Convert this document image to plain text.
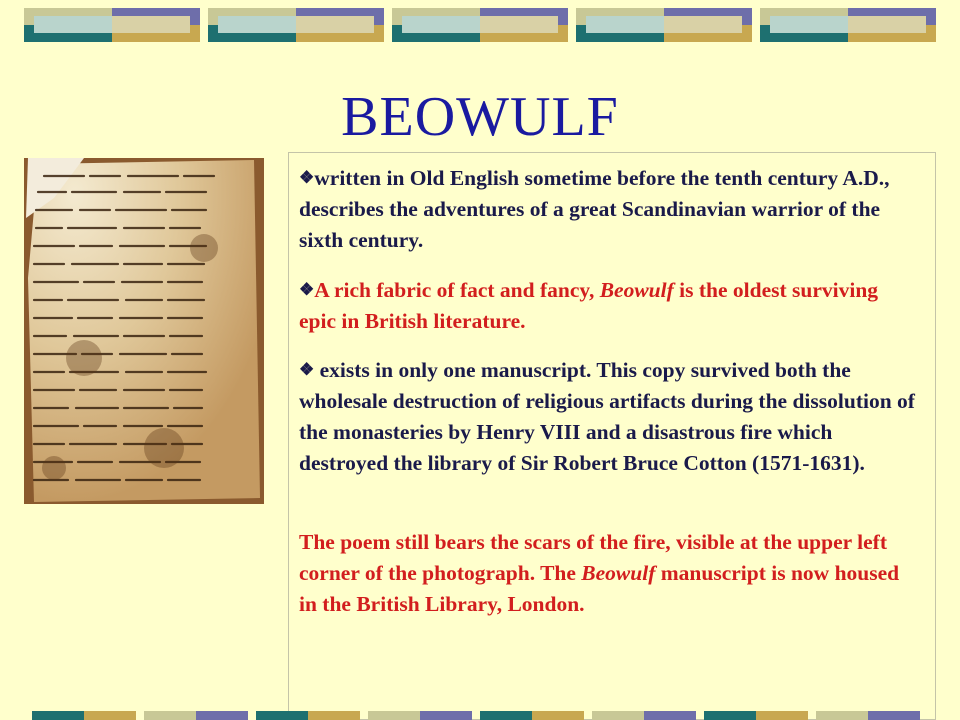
BEOWULF

❖written in Old English sometime before the tenth century A.D., describes the adventures of a great Scandinavian warrior of the sixth century.

❖A rich fabric of fact and fancy, Beowulf is the oldest surviving epic in British literature.

❖ exists in only one manuscript. This copy survived both the wholesale destruction of religious artifacts during the dissolution of the monasteries by Henry VIII and a disastrous fire which destroyed the library of Sir Robert Bruce Cotton (1571-1631).

The poem still bears the scars of the fire, visible at the upper left corner of the photograph. The Beowulf manuscript is now housed in the British Library, London.
